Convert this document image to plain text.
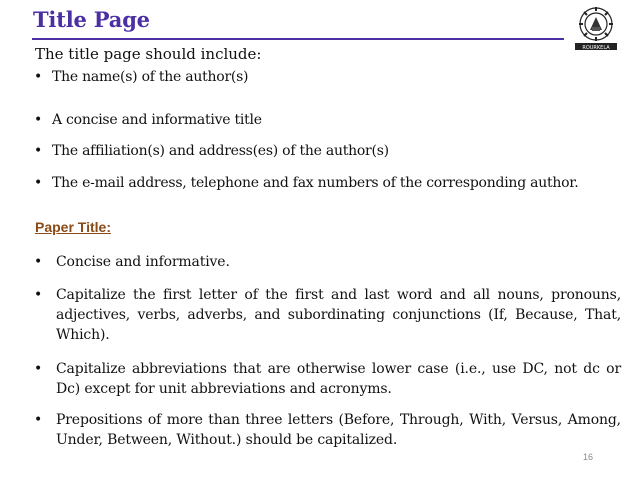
Title Page
ROURKELA
The title page should include:
• The name(s) of the author(s)
• A concise and informative title
• The affiliation(s) and address(es) of the author(s)
• The e-mail address, telephone and fax numbers of the corresponding author.
Paper Title:
• Concise and informative.
• Capitalize the first letter of the first and last word and all nouns, pronouns, adjectives, verbs, adverbs, and subordinating conjunctions (If, Because, That, Which).
• Capitalize abbreviations that are otherwise lower case (i.e., use DC, not dc or Dc) except for unit abbreviations and acronyms.
• Prepositions of more than three letters (Before, Through, With, Versus, Among, Under, Between, Without.) should be capitalized.
16
